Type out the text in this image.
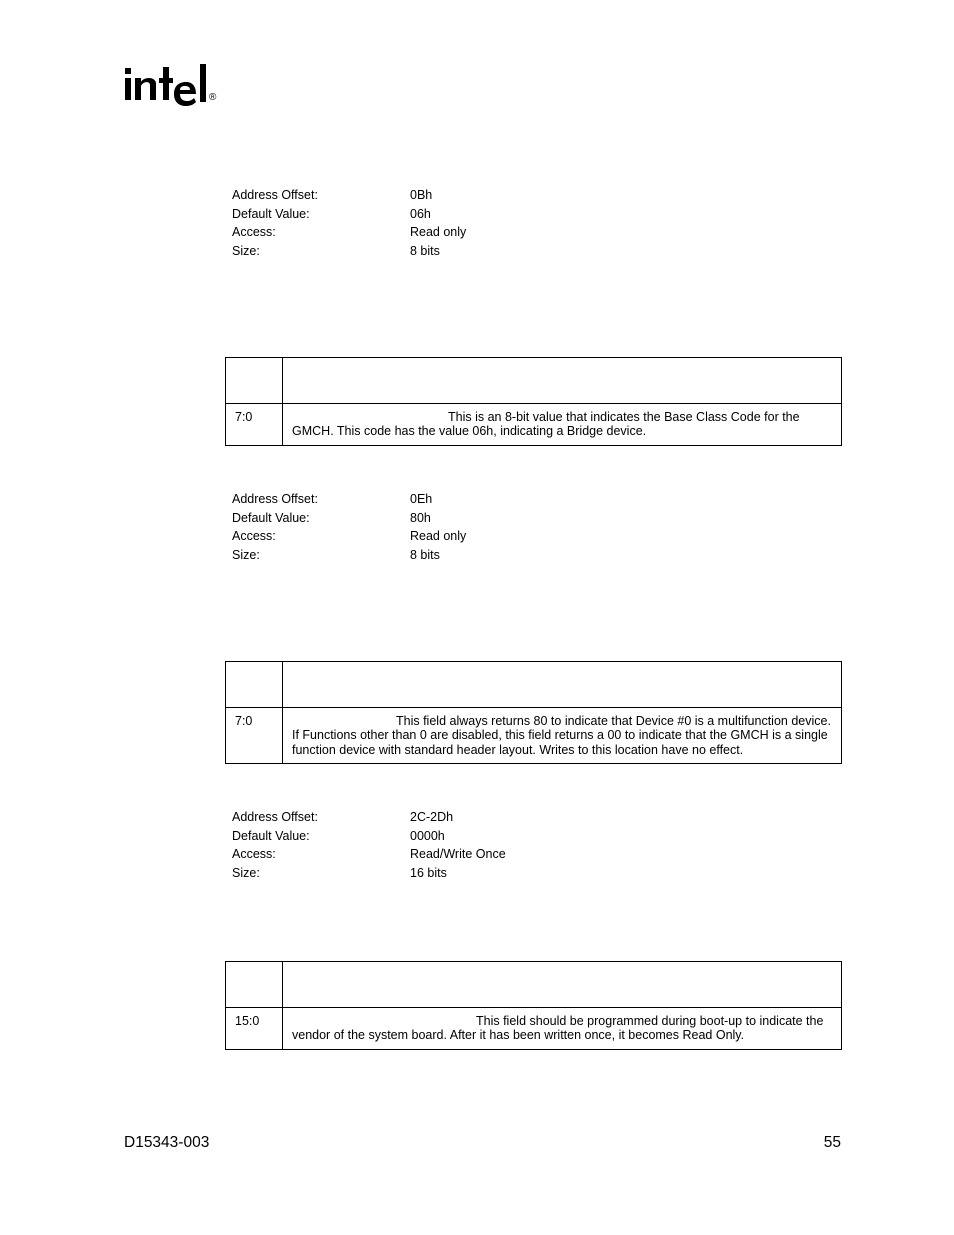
®
Address Offset:	0Bh
Default Value:	06h
Access:	Read only
Size:	8 bits

7:0	This is an 8-bit value that indicates the Base Class Code for the GMCH. This code has the value 06h, indicating a Bridge device.
Address Offset:	0Eh
Default Value:	80h
Access:	Read only
Size:	8 bits

7:0	This field always returns 80 to indicate that Device #0 is a multifunction device. If Functions other than 0 are disabled, this field returns a 00 to indicate that the GMCH is a single function device with standard header layout. Writes to this location have no effect.
Address Offset:	2C-2Dh
Default Value:	0000h
Access:	Read/Write Once
Size:	16 bits

15:0	This field should be programmed during boot-up to indicate the vendor of the system board. After it has been written once, it becomes Read Only.
D15343-003	55
